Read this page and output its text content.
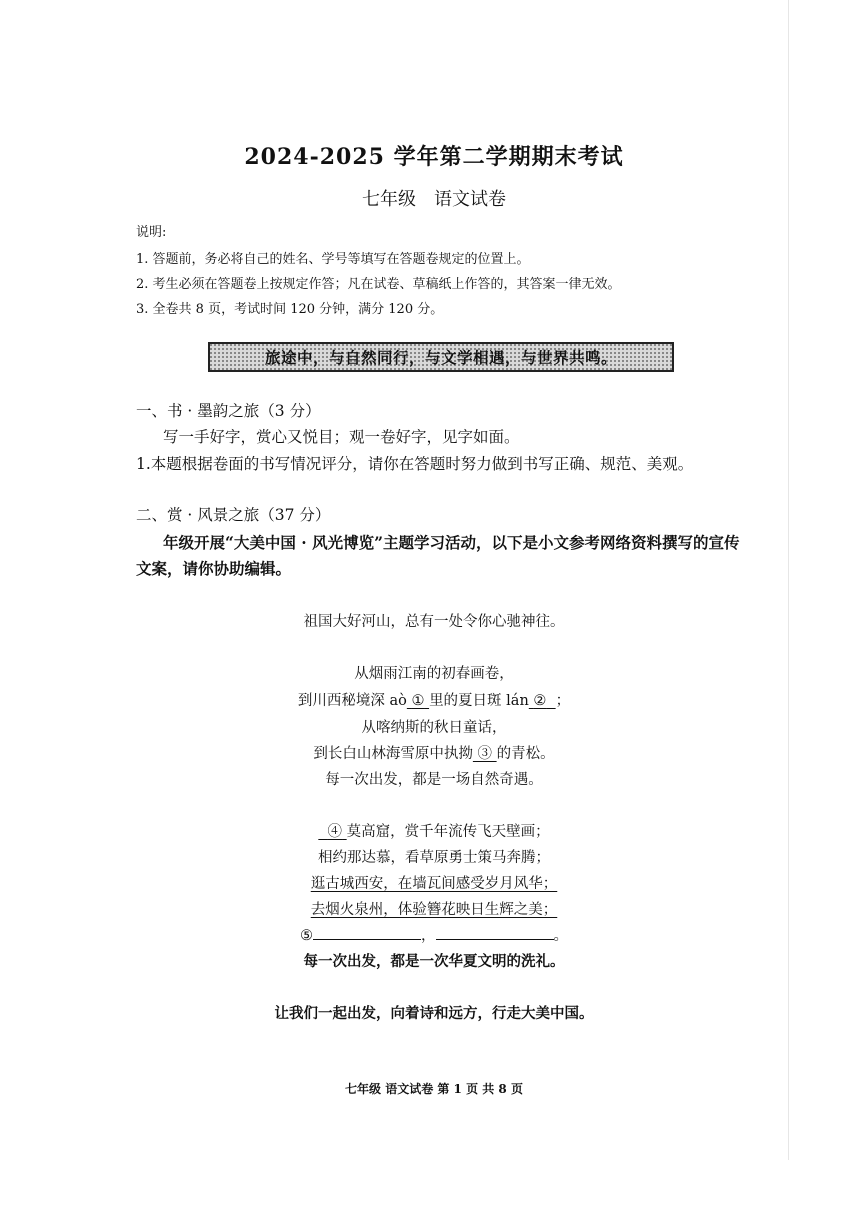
2024-2025 学年第二学期期末考试
七年级　语文试卷
说明:
1. 答题前，务必将自己的姓名、学号等填写在答题卷规定的位置上。
2. 考生必须在答题卷上按规定作答；凡在试卷、草稿纸上作答的，其答案一律无效。
3. 全卷共 8 页，考试时间 120 分钟，满分 120 分。
旅途中，与自然同行，与文学相遇，与世界共鸣。
一、书 · 墨韵之旅（3 分）
写一手好字，赏心又悦目；观一卷好字，见字如面。
1.本题根据卷面的书写情况评分，请你在答题时努力做到书写正确、规范、美观。
二、赏 · 风景之旅（37 分）
年级开展“大美中国 · 风光博览”主题学习活动，以下是小文参考网络资料撰写的宣传
文案，请你协助编辑。
祖国大好河山，总有一处令你心驰神往。
从烟雨江南的初春画卷，
到川西秘境深 aò ① 里的夏日斑 lán ② ；
从喀纳斯的秋日童话，
到长白山林海雪原中执拗 ③ 的青松。
每一次出发，都是一场自然奇遇。
④ 莫高窟，赏千年流传飞天壁画；
相约那达慕，看草原勇士策马奔腾；
逛古城西安，在墙瓦间感受岁月风华；
去烟火泉州，体验簪花映日生辉之美；
⑤	，	。
每一次出发，都是一次华夏文明的洗礼。
让我们一起出发，向着诗和远方，行走大美中国。
七年级 语文试卷 第 1 页 共 8 页
